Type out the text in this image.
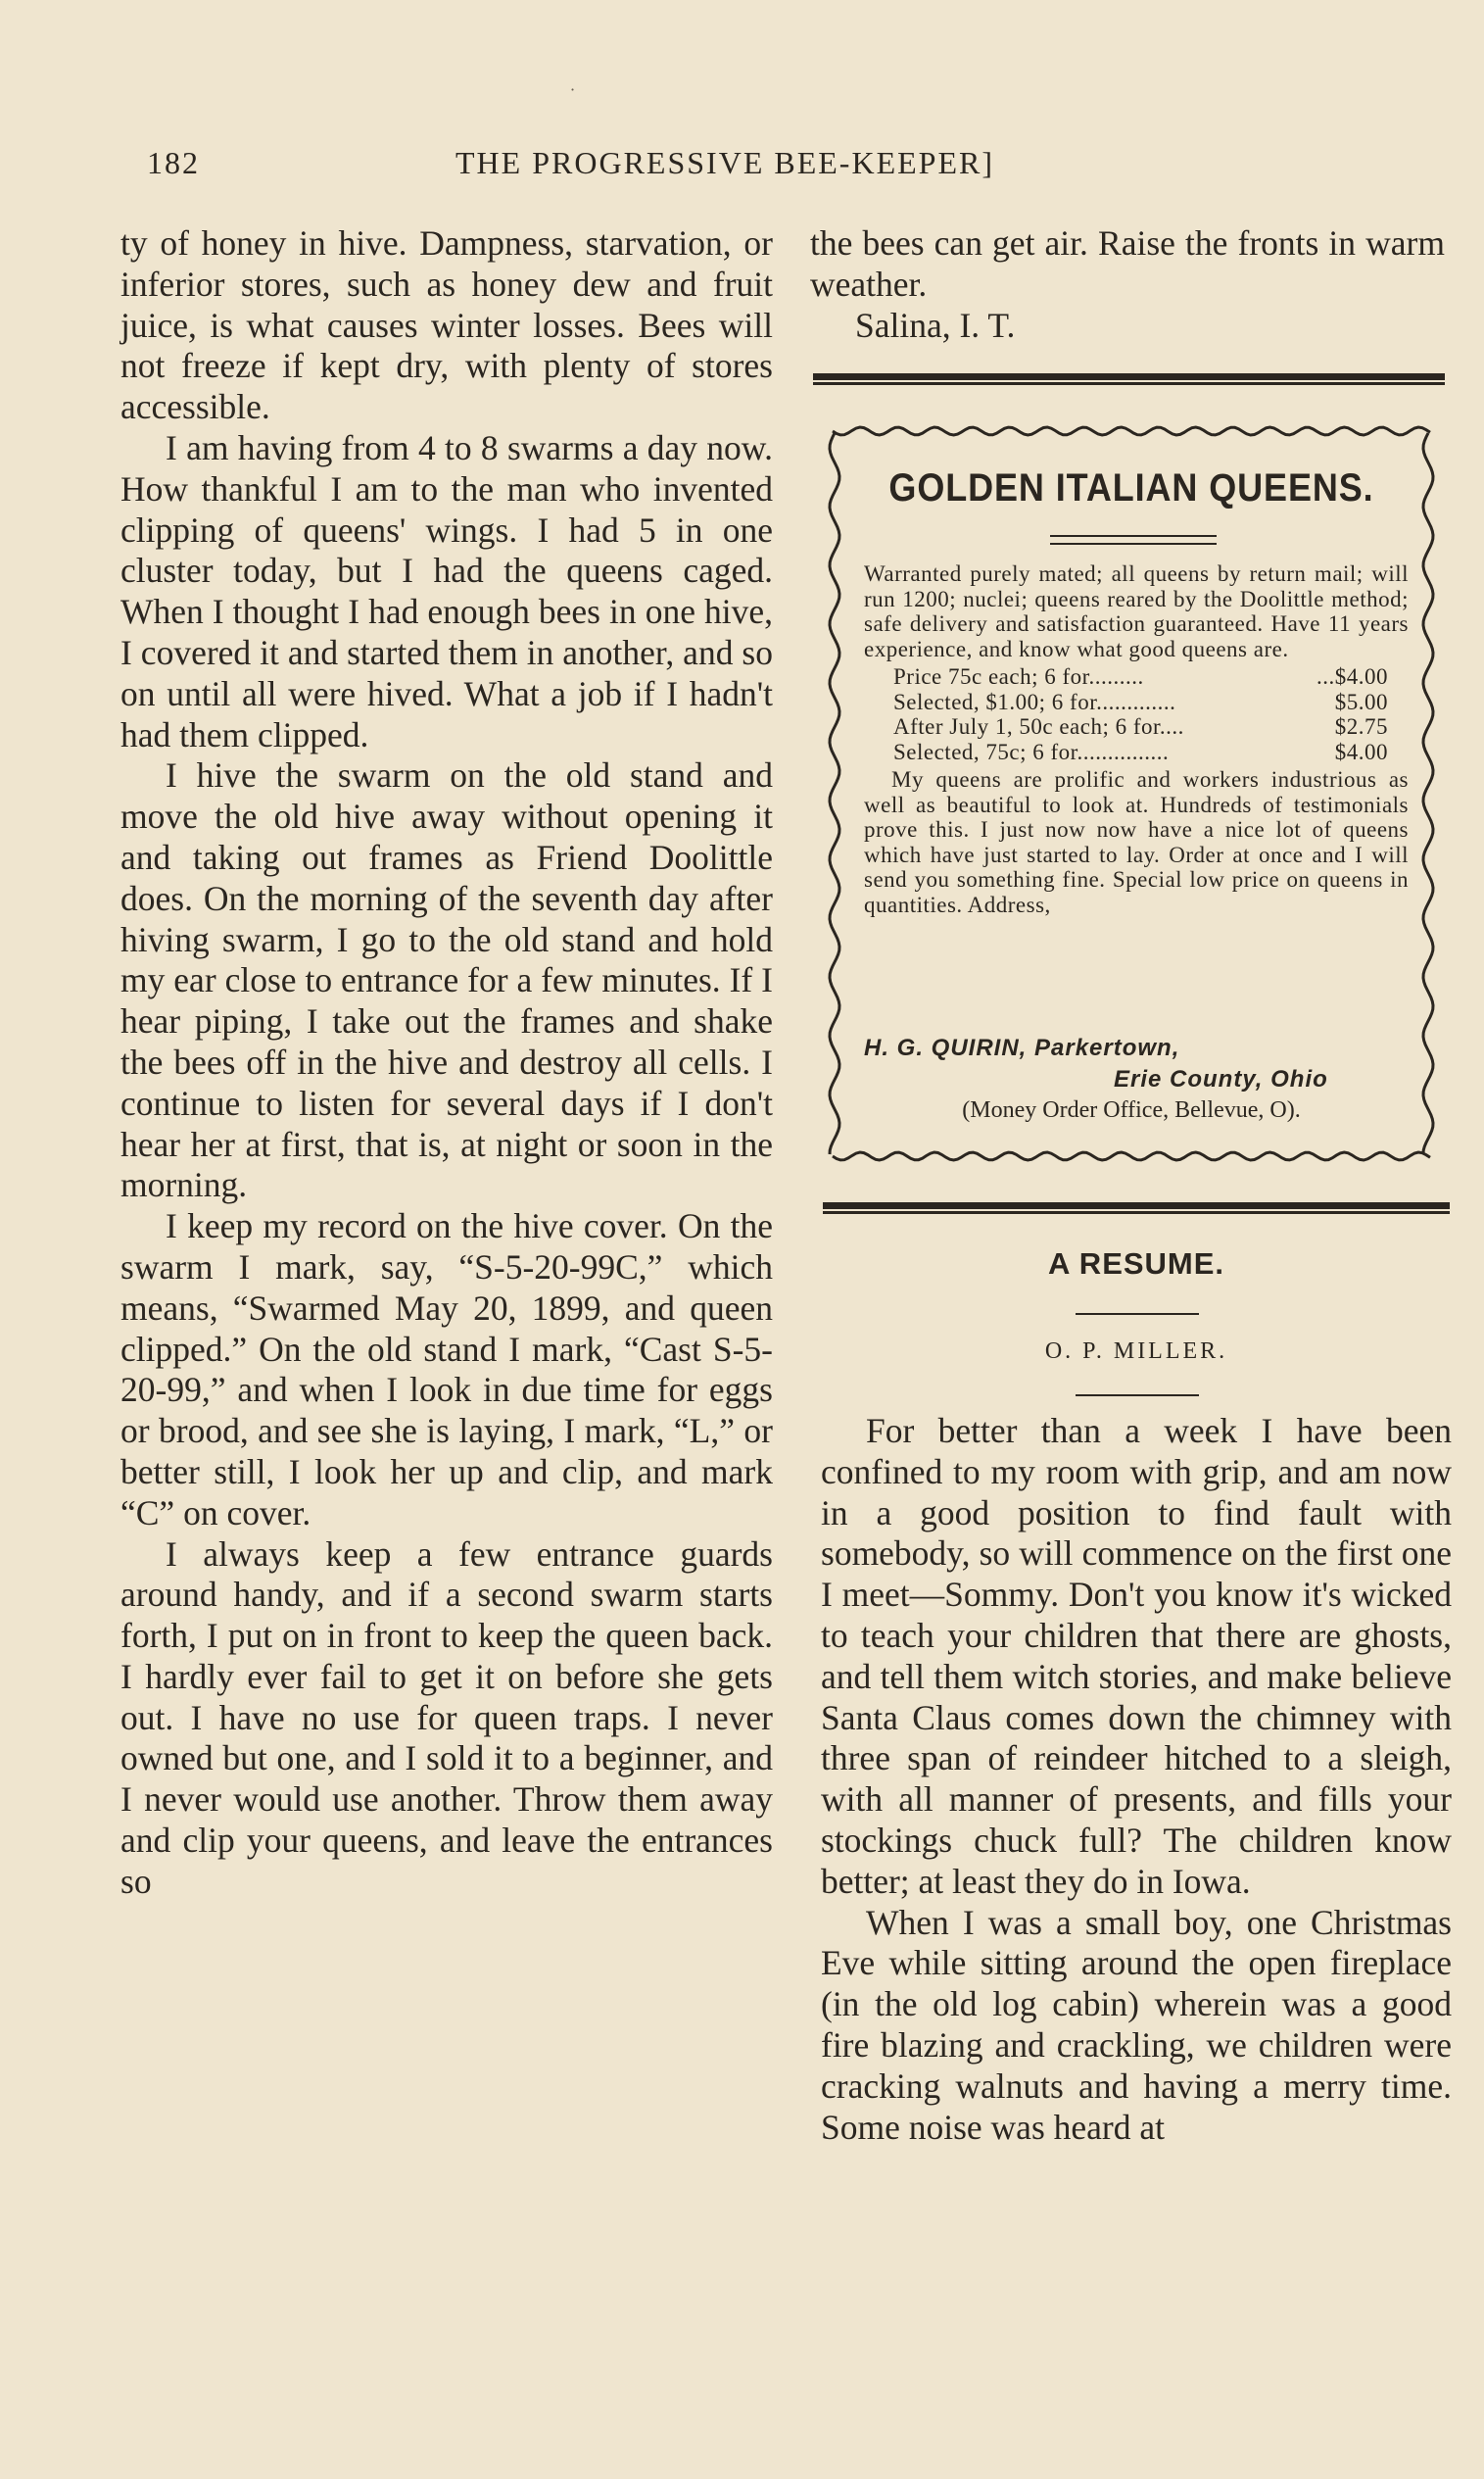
·
182	THE PROGRESSIVE BEE-KEEPER]

ty of honey in hive. Dampness, starvation, or inferior stores, such as honey dew and fruit juice, is what causes winter losses. Bees will not freeze if kept dry, with plenty of stores accessible.

I am having from 4 to 8 swarms a day now. How thankful I am to the man who invented clipping of queens' wings. I had 5 in one cluster today, but I had the queens caged. When I thought I had enough bees in one hive, I covered it and started them in another, and so on until all were hived. What a job if I hadn't had them clipped.

I hive the swarm on the old stand and move the old hive away without opening it and taking out frames as Friend Doolittle does. On the morning of the seventh day after hiving swarm, I go to the old stand and hold my ear close to entrance for a few minutes. If I hear piping, I take out the frames and shake the bees off in the hive and destroy all cells. I continue to listen for several days if I don't hear her at first, that is, at night or soon in the morning.

I keep my record on the hive cover. On the swarm I mark, say, “S-5-20-99C,” which means, “Swarmed May 20, 1899, and queen clipped.” On the old stand I mark, “Cast S-5-20-99,” and when I look in due time for eggs or brood, and see she is laying, I mark, “L,” or better still, I look her up and clip, and mark “C” on cover.

I always keep a few entrance guards around handy, and if a second swarm starts forth, I put on in front to keep the queen back. I hardly ever fail to get it on before she gets out. I have no use for queen traps. I never owned but one, and I sold it to a beginner, and I never would use another. Throw them away and clip your queens, and leave the entrances so

the bees can get air. Raise the fronts in warm weather.

Salina, I. T.

GOLDEN ITALIAN QUEENS.

Warranted purely mated; all queens by return mail; will run 1200; nuclei; queens reared by the Doolittle method; safe delivery and satisfaction guaranteed. Have 11 years experience, and know what good queens are.

Price 75c each; 6 for.........	...$4.00
Selected, $1.00; 6 for.............	$5.00
After July 1, 50c each; 6 for....	$2.75
Selected, 75c; 6 for...............	$4.00

My queens are prolific and workers industrious as well as beautiful to look at. Hundreds of testimonials prove this. I just now now have a nice lot of queens which have just started to lay. Order at once and I will send you something fine. Special low price on queens in quantities. Address,

H. G. QUIRIN, Parkertown,
Erie County, Ohio
(Money Order Office, Bellevue, O).
A RESUME.
O. P. MILLER.

For better than a week I have been confined to my room with grip, and am now in a good position to find fault with somebody, so will commence on the first one I meet—Sommy. Don't you know it's wicked to teach your children that there are ghosts, and tell them witch stories, and make believe Santa Claus comes down the chimney with three span of reindeer hitched to a sleigh, with all manner of presents, and fills your stockings chuck full? The children know better; at least they do in Iowa.

When I was a small boy, one Christmas Eve while sitting around the open fireplace (in the old log cabin) wherein was a good fire blazing and crackling, we children were cracking walnuts and having a merry time. Some noise was heard at
